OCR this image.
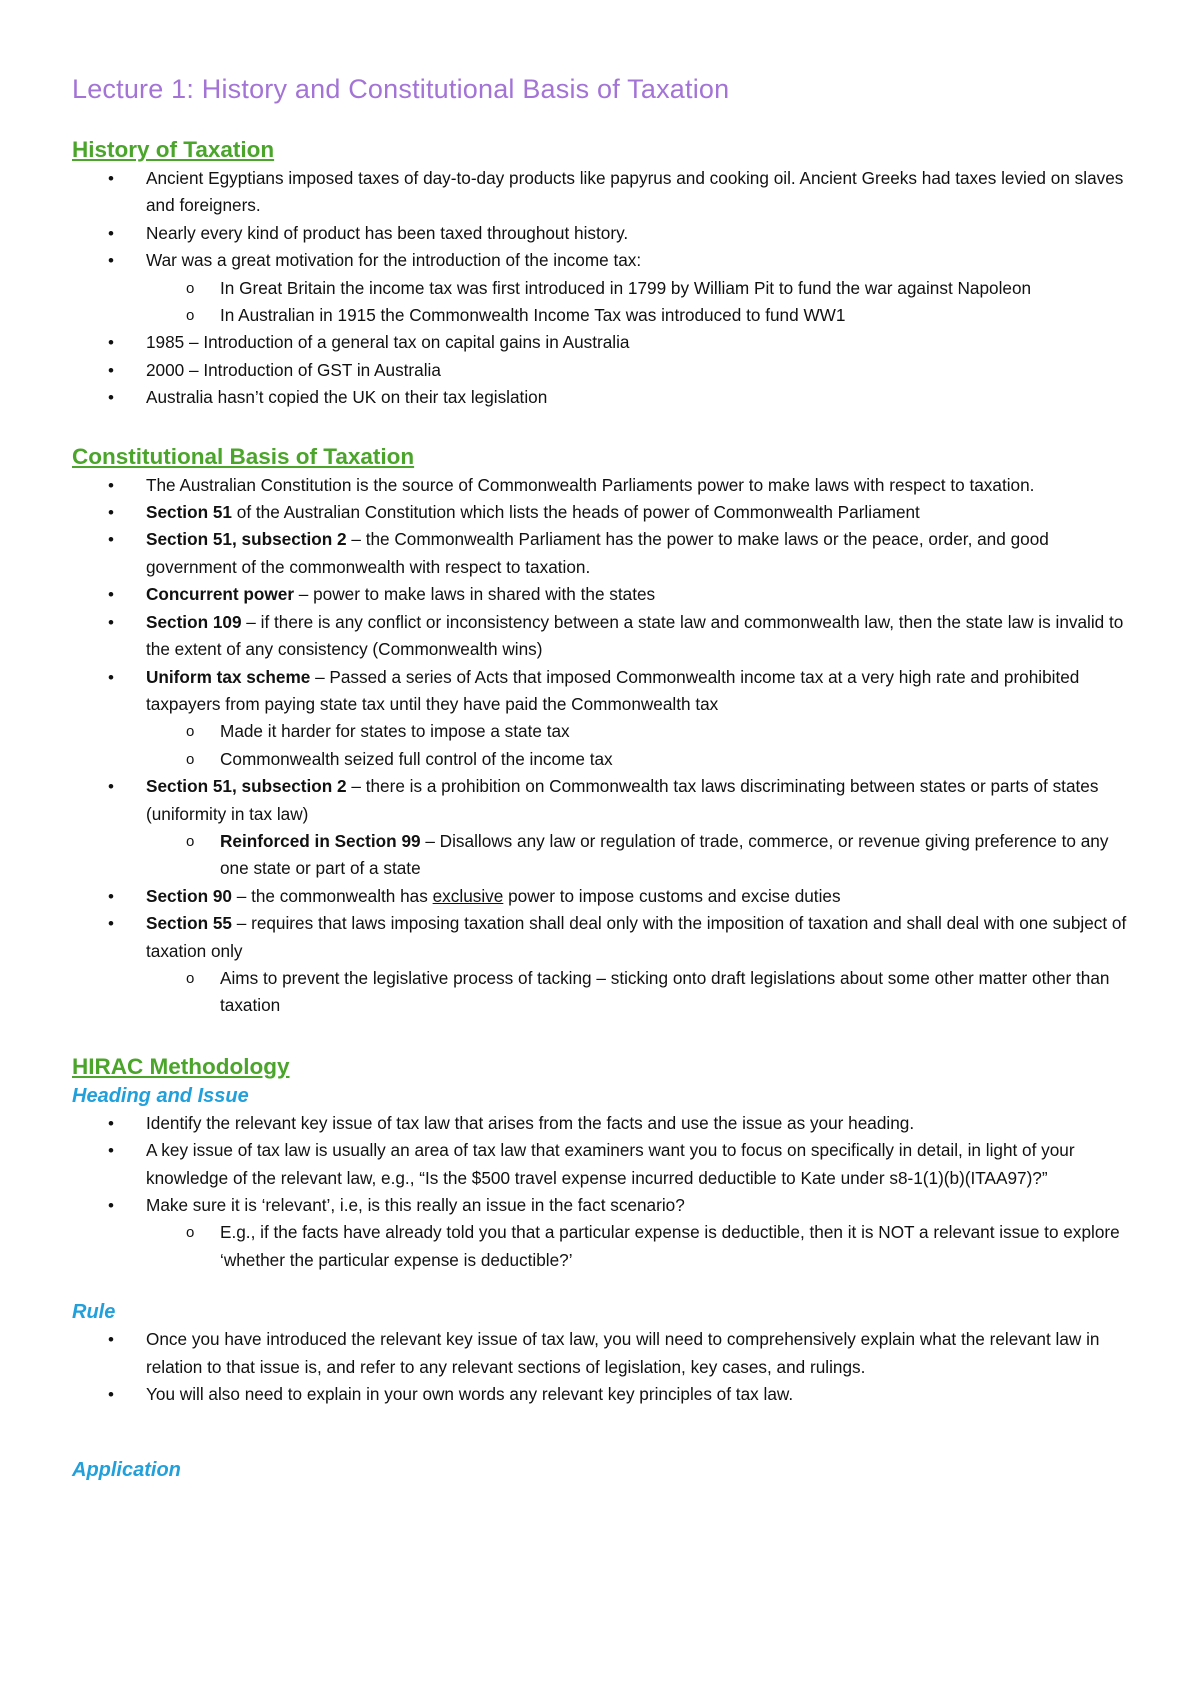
Lecture 1: History and Constitutional Basis of Taxation
History of Taxation
• Ancient Egyptians imposed taxes of day-to-day products like papyrus and cooking oil. Ancient Greeks had taxes levied on slaves and foreigners.
• Nearly every kind of product has been taxed throughout history.
• War was a great motivation for the introduction of the income tax:
o In Great Britain the income tax was first introduced in 1799 by William Pit to fund the war against Napoleon
o In Australian in 1915 the Commonwealth Income Tax was introduced to fund WW1
• 1985 – Introduction of a general tax on capital gains in Australia
• 2000 – Introduction of GST in Australia
• Australia hasn’t copied the UK on their tax legislation
Constitutional Basis of Taxation
• The Australian Constitution is the source of Commonwealth Parliaments power to make laws with respect to taxation.
• Section 51 of the Australian Constitution which lists the heads of power of Commonwealth Parliament
• Section 51, subsection 2 – the Commonwealth Parliament has the power to make laws or the peace, order, and good government of the commonwealth with respect to taxation.
• Concurrent power – power to make laws in shared with the states
• Section 109 – if there is any conflict or inconsistency between a state law and commonwealth law, then the state law is invalid to the extent of any consistency (Commonwealth wins)
• Uniform tax scheme – Passed a series of Acts that imposed Commonwealth income tax at a very high rate and prohibited taxpayers from paying state tax until they have paid the Commonwealth tax
o Made it harder for states to impose a state tax
o Commonwealth seized full control of the income tax
• Section 51, subsection 2 – there is a prohibition on Commonwealth tax laws discriminating between states or parts of states (uniformity in tax law)
o Reinforced in Section 99 – Disallows any law or regulation of trade, commerce, or revenue giving preference to any one state or part of a state
• Section 90 – the commonwealth has exclusive power to impose customs and excise duties
• Section 55 – requires that laws imposing taxation shall deal only with the imposition of taxation and shall deal with one subject of taxation only
o Aims to prevent the legislative process of tacking – sticking onto draft legislations about some other matter other than taxation
HIRAC Methodology
Heading and Issue
• Identify the relevant key issue of tax law that arises from the facts and use the issue as your heading.
• A key issue of tax law is usually an area of tax law that examiners want you to focus on specifically in detail, in light of your knowledge of the relevant law, e.g., “Is the $500 travel expense incurred deductible to Kate under s8-1(1)(b)(ITAA97)?”
• Make sure it is ‘relevant’, i.e, is this really an issue in the fact scenario?
o E.g., if the facts have already told you that a particular expense is deductible, then it is NOT a relevant issue to explore ‘whether the particular expense is deductible?’
Rule
• Once you have introduced the relevant key issue of tax law, you will need to comprehensively explain what the relevant law in relation to that issue is, and refer to any relevant sections of legislation, key cases, and rulings.
• You will also need to explain in your own words any relevant key principles of tax law.
Application
